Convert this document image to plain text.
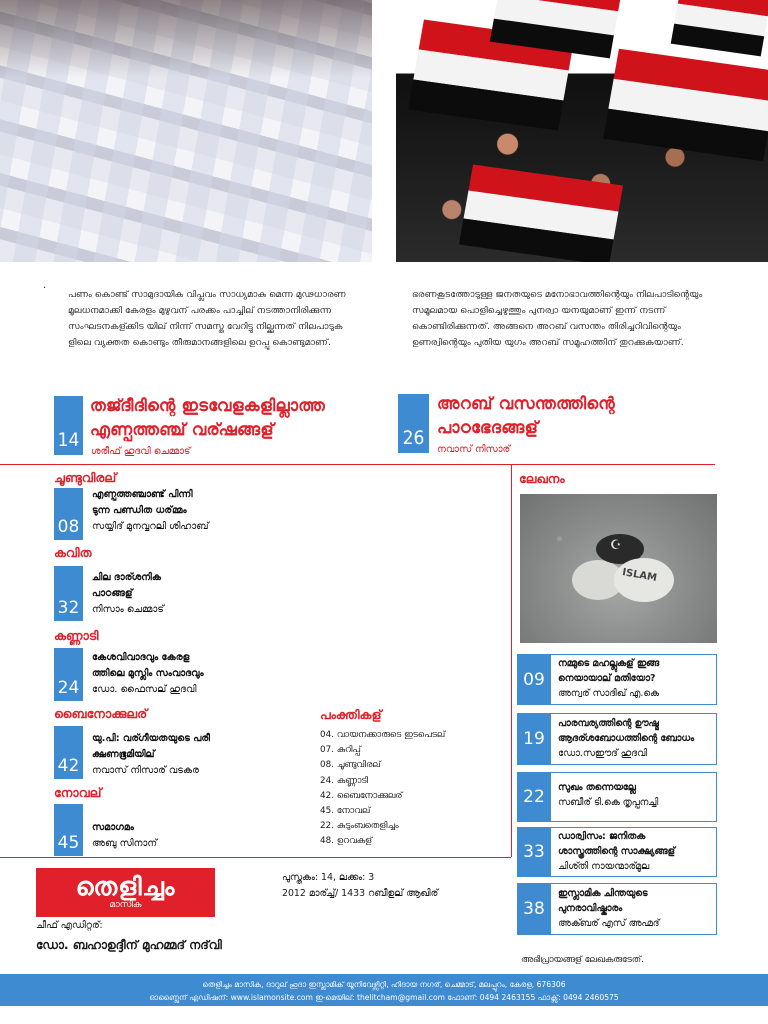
·

പണം കൊണ്ട് സാമുദായിക വിപ്ലവം സാധ്യമാകു മെന്ന മുഢധാരണ മൂലധനമാക്കി കേരളം മുഴുവന് പരക്കം പാച്ചില് നടത്താനിരിക്കുന്ന സംഘടനകള്ക്കിട യില് നിന്ന് സമസ്ത വേറിട്ടു നില്ക്കുന്നത് നിലപാടുക ളിലെ വ്യക്തത കൊണ്ടും തീരുമാനങ്ങളിലെ ഉറപ്പു കൊണ്ടുമാണ്.

ഭരണകൂടത്തോടുള്ള ജനതയുടെ മനോഭാവത്തിന്റെയും നിലപാടിന്റെയും സമൂലമായ പൊളിച്ചെഴുത്തും പുനര്വാ യനയുമാണ് ഇന്ന് നടന്ന് കൊണ്ടിരിക്കുന്നത്. അങ്ങനെ അറബ് വസന്തം തിരിച്ചറിവിന്റെയും ഉണര്വിന്റെയും പുതിയ യുഗം അറബ് സമൂഹത്തിന് തുറക്കുകയാണ്.

14
തജ്ദീദിന്റെ ഇടവേളകളില്ലാത്ത
എണ്പത്തഞ്ച് വര്ഷങ്ങള്
ശരീഫ് ഹുദവി ചെമ്മാട്
26
അറബ് വസന്തത്തിന്റെ
പാഠഭേദങ്ങള്
നവാസ് നിസാര്
ചൂണ്ടുവിരല്
08
എണ്പത്തഞ്ചാണ്ട് പിന്നി
ടുന്ന പണ്ഡിത ധര്മ്മം
സയ്യിദ് മുനവ്വറലി ശിഹാബ്
കവിത
32
ചില ദാര്ശനിക
പാഠങ്ങള്
നിസാം ചെമ്മാട്
കണ്ണാടി
24
കേശവിവാദവും കേരള
ത്തിലെ മുസ്ലിം സംവാദവും
ഡോ. ഫൈസല് ഹുദവി
ബൈനോക്കുലര്
42
യു.പി: വര്ഗീയതയുടെ പരീ
ക്ഷണഭൂമിയില്
നവാസ് നിസാര് വടകര
നോവല്
45
സമാഗമം
അബു സിനാന്
പംക്തികള്
04. വായനക്കാരുടെ ഇടപെടല്
07. കുറിപ്പ്
08. ചൂണ്ടുവിരല്
24. കണ്ണാടി
42. ബൈനോക്കുലര്
45. നോവല്
22. കുടുംബതെളിച്ചം
48. ഉറവകള്
ലേഖനം
ISLAM
☪
09
നമ്മുടെ മഹല്ലുകള് ഇങ്ങ
നെയായാല് മതിയോ?
അന്വര് സാദിഖ് എ.കെ
19
പാരമ്പര്യത്തിന്റെ ഊഷ്മ
ആദര്ശബോധത്തിന്റെ ബോധം
ഡോ.സഈദ് ഹുദവി
22	സുഖം തന്നെയല്ലേ
സബീര് ടി.കെ തൃപ്പനച്ചി
33
ഡാര്വിസം: ജനിതക
ശാസ്ത്രത്തിന്റെ സാക്ഷ്യങ്ങള്
ചിശ്തി നായന്മാര്മൂല
38
ഇസ്ലാമിക ചിന്തയുടെ
പുനരാവിഷ്കാരം
അക്ബര് എസ് അഹ്മദ്
അഭിപ്രായങ്ങള് ലേഖകരുടേത്.
തെളിച്ചം
മാസിക
പുസ്തകം: 14, ലക്കം: 3
2012 മാര്ച്ച്/ 1433 റബീഉല് ആഖിര്
ചീഫ് എഡിറ്റര്:
ഡോ. ബഹാഉദ്ദീന് മുഹമ്മദ് നദ്‌വി
തെളിച്ചം മാസിക, ദാറുല് ഹുദാ ഇസ്ലാമിക് യൂനിവേഴ്സിറ്റി, ഹിദായ നഗര്, ചെമ്മാട്, മലപ്പുറം, കേരള, 676306
ഓണ്ലൈന് എഡിഷന്: www.islamonsite.com ഇ-മെയില്: thelitcham@gmail.com ഫോണ്: 0494 2463155 ഫാക്സ്: 0494 2460575
